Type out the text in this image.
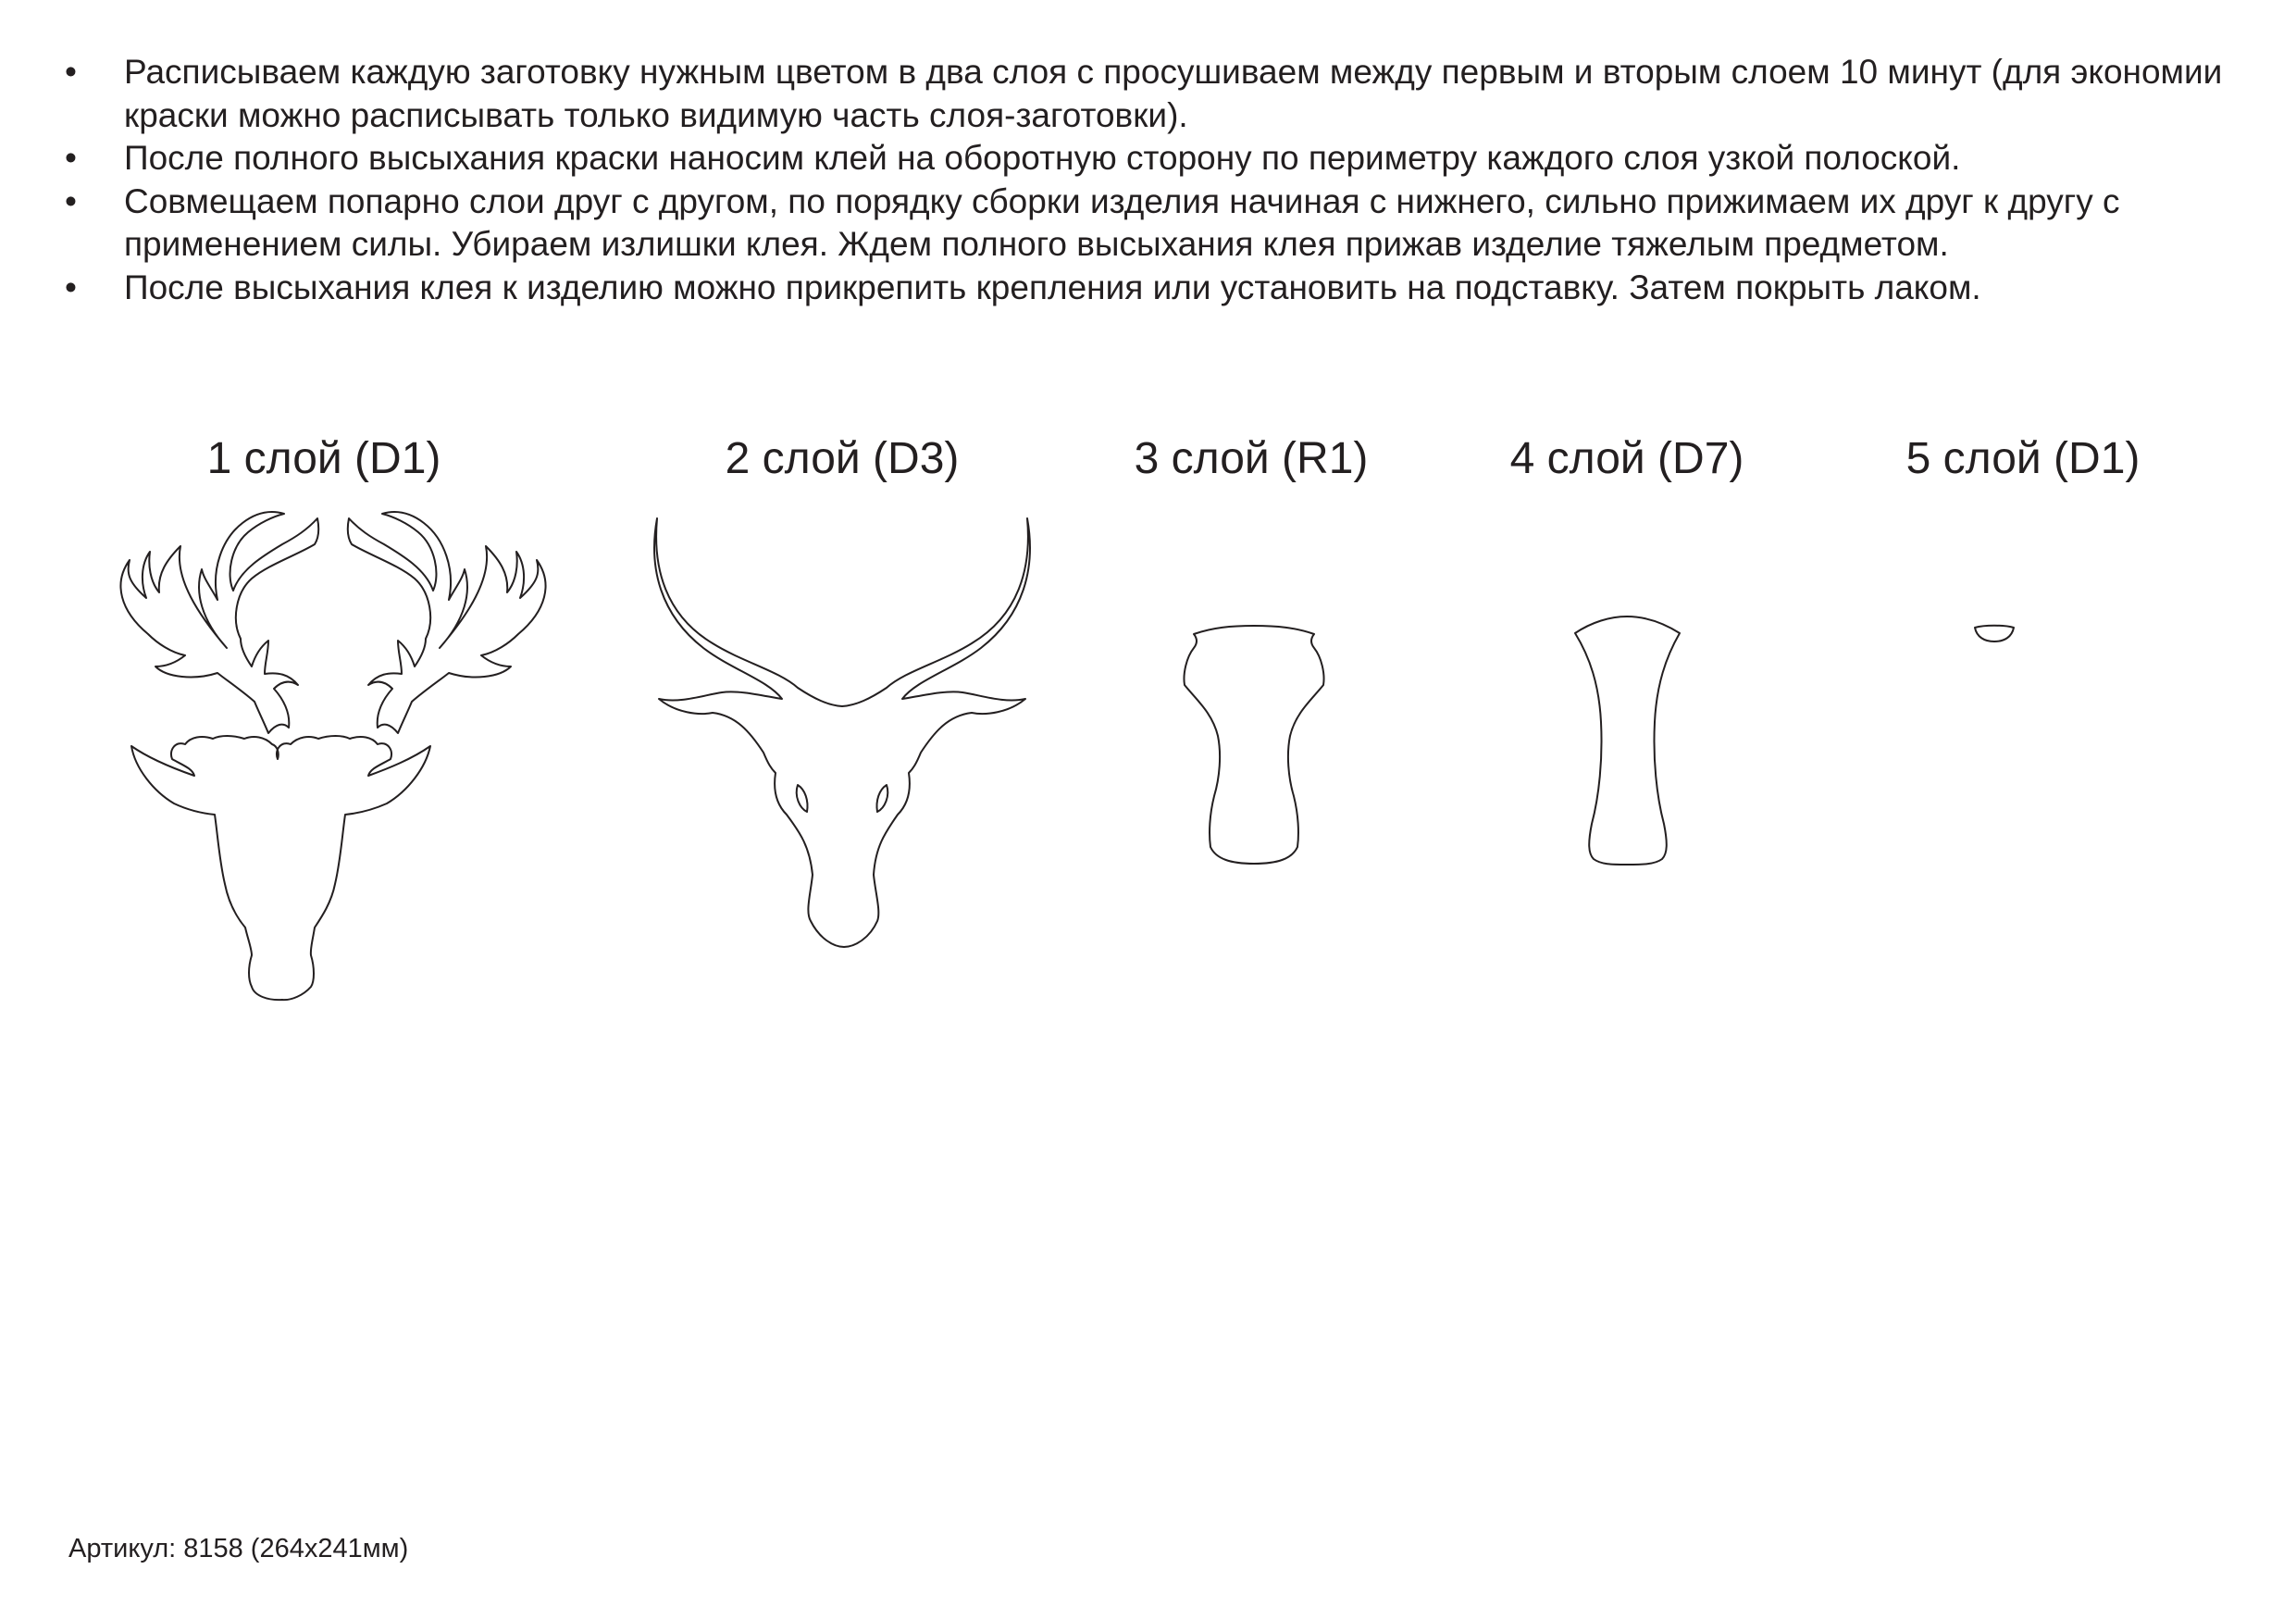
• Расписываем каждую заготовку нужным цветом в два слоя с просушиваем между первым и вторым слоем 10 минут (для экономии краски можно расписывать только видимую часть слоя-заготовки).
• После полного высыхания краски наносим клей на оборотную сторону по периметру каждого слоя узкой полоской.
• Совмещаем попарно слои друг с другом, по порядку сборки изделия начиная с нижнего, сильно прижимаем их друг к другу с применением силы. Убираем излишки клея. Ждем полного высыхания клея прижав изделие тяжелым предметом.
• После высыхания клея к изделию можно прикрепить крепления или установить на подставку. Затем покрыть лаком.
1 слой (D1)	2 слой (D3)	3 слой (R1)	4 слой (D7)	5 слой (D1)
Артикул: 8158 (264х241мм)
